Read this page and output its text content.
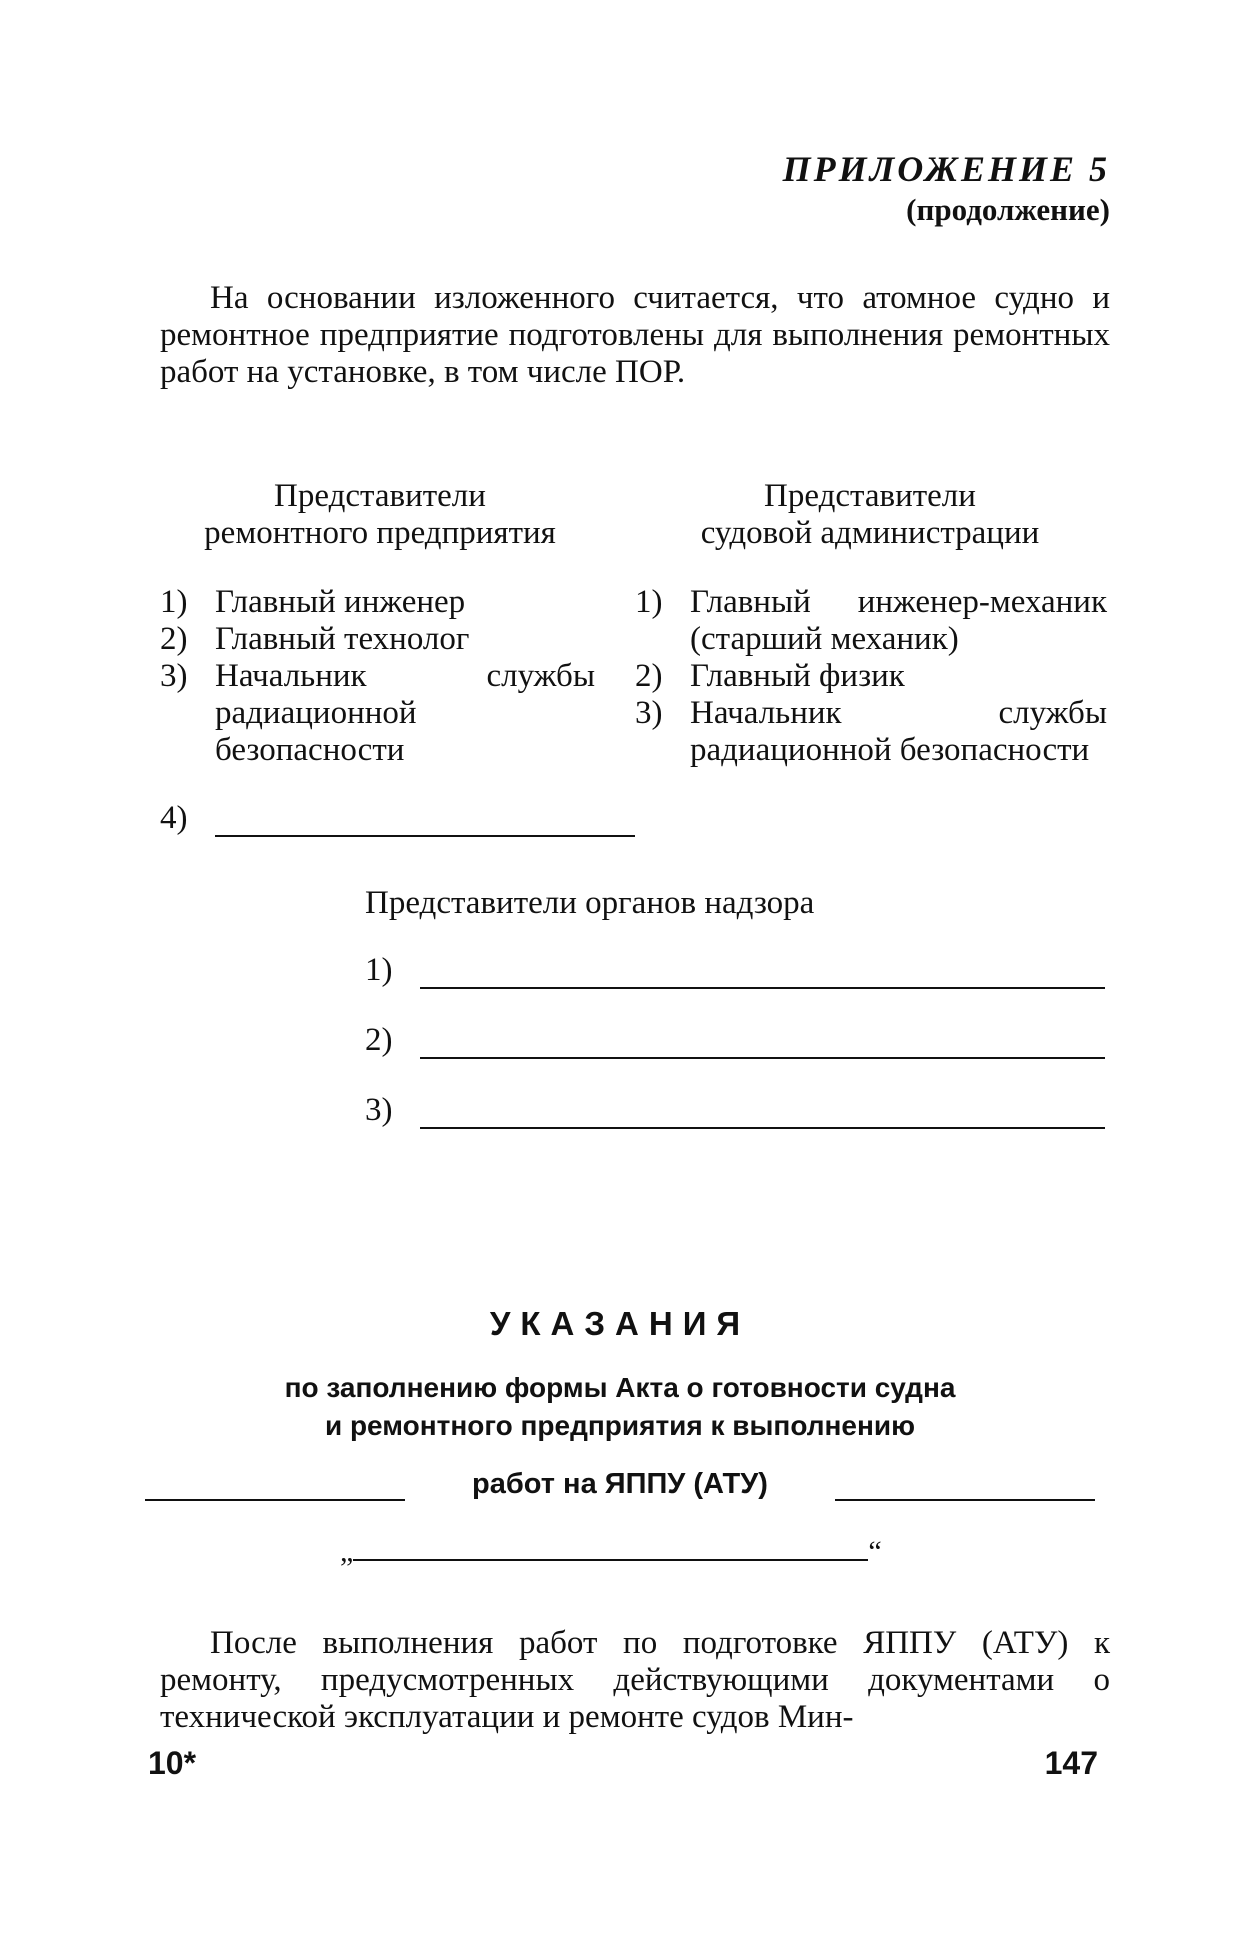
ПРИЛОЖЕНИЕ 5
(продолжение)

На основании изложенного считается, что атомное судно и ремонтное предприятие подготовлены для выполнения ремонтных работ на установке, в том числе ПОР.

Представители
ремонтного предприятия
1) Главный инженер
2) Главный технолог
3) Начальник службы радиационной безопасности
4)
Представители
судовой администрации
1) Главный инженер-механик (старший механик)
2) Главный физик
3) Начальник службы радиационной безопасности
Представители органов надзора
1)
2)
3)
УКАЗАНИЯ
по заполнению формы Акта о готовности судна
и ремонтного предприятия к выполнению
работ на ЯППУ (АТУ)
„	“

После выполнения работ по подготовке ЯППУ (АТУ) к ремонту, предусмотренных действующими документами о технической эксплуатации и ремонте судов Мин-

10*	147
